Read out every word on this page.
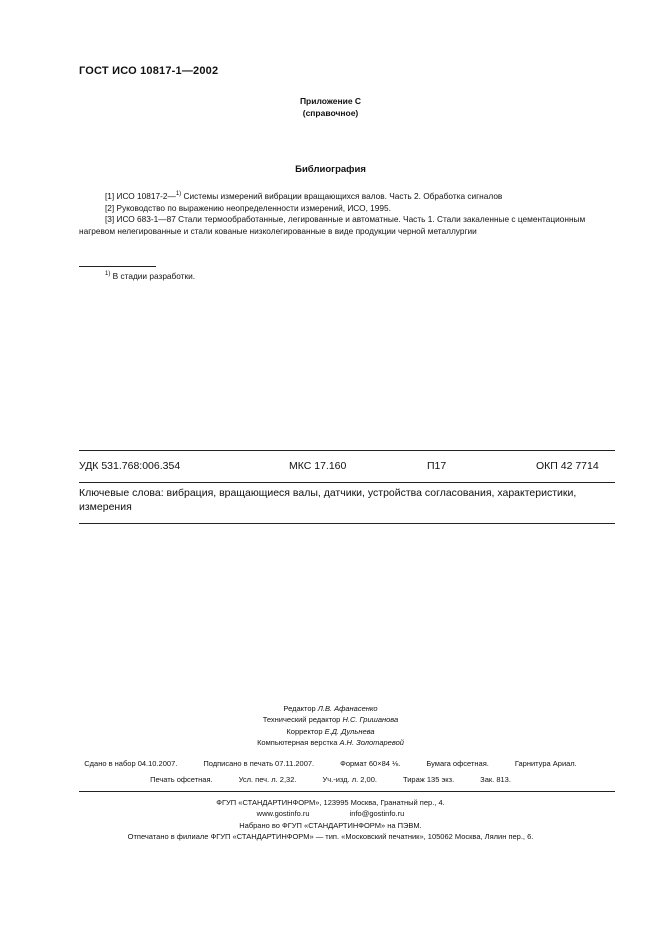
ГОСТ ИСО 10817-1—2002
Приложение С
(справочное)
Библиография

[1] ИСО 10817-2—$^{1)}$ Системы измерений вибрации вращающихся валов. Часть 2. Обработка сигналов

[2] Руководство по выражению неопределенности измерений, ИСО, 1995.

[3] ИСО 683-1—87 Стали термообработанные, легированные и автоматные. Часть 1. Стали закаленные с цементационным нагревом нелегированные и стали кованые низколегированные в виде продукции черной металлургии

$^{1)}$ В стадии разработки.
УДК 531.768:006.354	МКС 17.160	П17	ОКП 42 7714
Ключевые слова: вибрация, вращающиеся валы, датчики, устройства согласования, характеристики, измерения
Редактор Л.В. Афанасенко
Технический редактор Н.С. Гришанова
Корректор Е.Д. Дульнева
Компьютерная верстка А.Н. Золотаревой
Сдано в набор 04.10.2007.	Подписано в печать 07.11.2007.	Формат 60×84 ⅛.	Бумага офсетная.	Гарнитура Ариал.
Печать офсетная.	Усл. печ. л. 2,32.	Уч.-изд. л. 2,00.	Тираж 135 экз.	Зак. 813.
ФГУП «СТАНДАРТИНФОРМ», 123995 Москва, Гранатный пер., 4.
www.gostinfo.ru	info@gostinfo.ru
Набрано во ФГУП «СТАНДАРТИНФОРМ» на ПЭВМ.
Отпечатано в филиале ФГУП «СТАНДАРТИНФОРМ» — тип. «Московский печатник», 105062 Москва, Лялин пер., 6.
